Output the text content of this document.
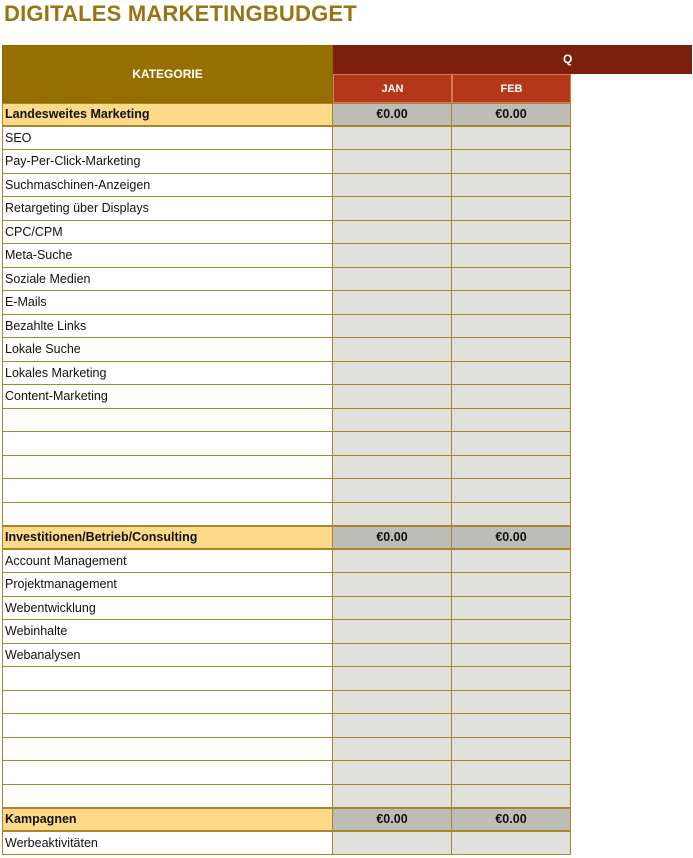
DIGITALES MARKETINGBUDGET
KATEGORIE
Q
JAN	FEB
Landesweites Marketing	€0.00	€0.00
SEO
Pay-Per-Click-Marketing
Suchmaschinen-Anzeigen
Retargeting über Displays
CPC/CPM
Meta-Suche
Soziale Medien
E-Mails
Bezahlte Links
Lokale Suche
Lokales Marketing
Content-Marketing
Investitionen/Betrieb/Consulting	€0.00	€0.00
Account Management
Projektmanagement
Webentwicklung
Webinhalte
Webanalysen
Kampagnen	€0.00	€0.00
Werbeaktivitäten
